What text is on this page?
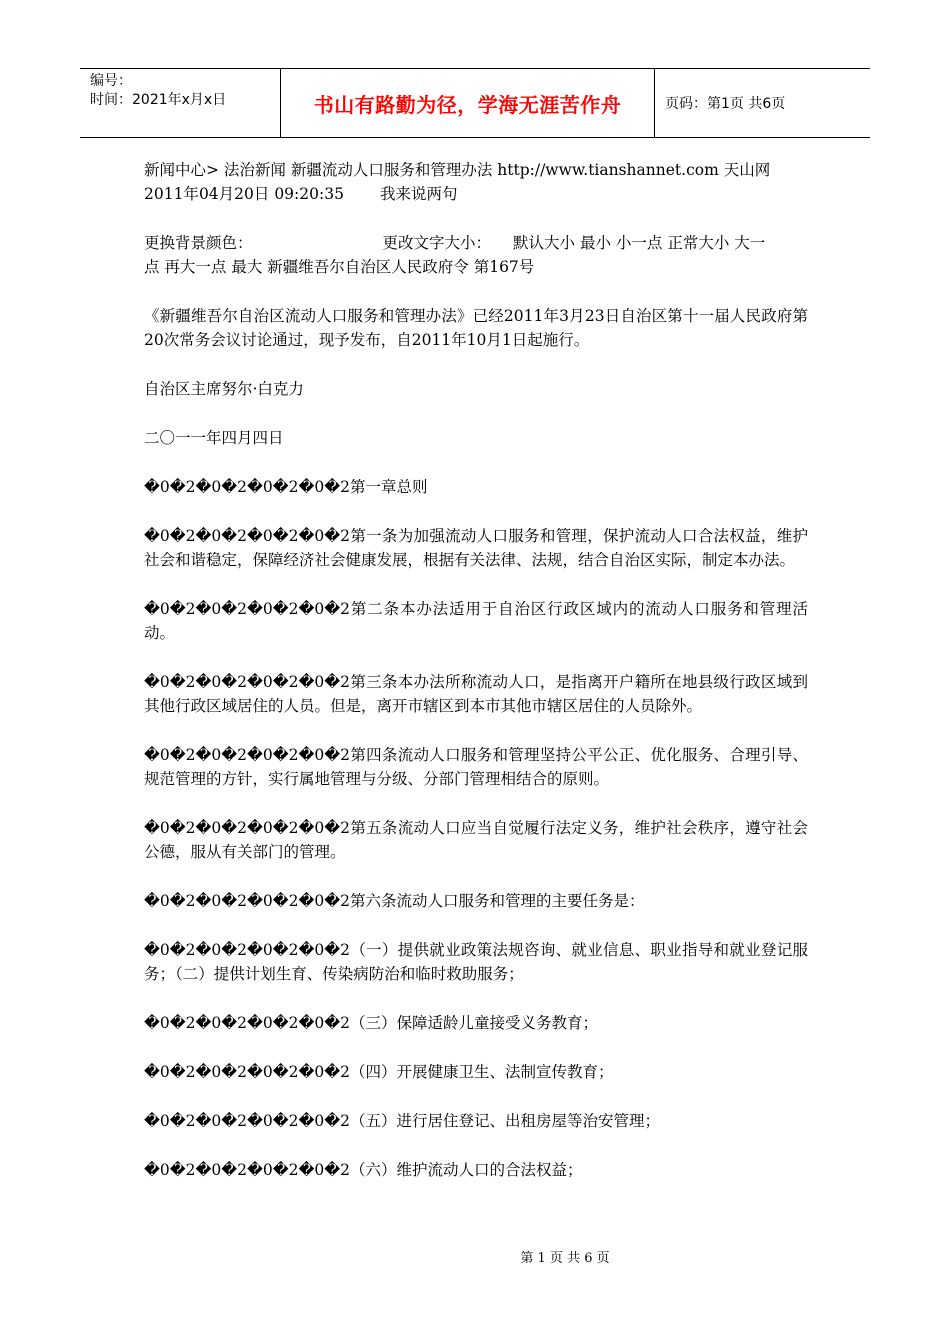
编号：
时间：2021年x月x日	书山有路勤为径，学海无涯苦作舟	页码：第1页 共6页

新闻中心> 法治新闻 新疆流动人口服务和管理办法 http://www.tianshannet.com 天山网
2011年04月20日 09:20:35 我来说两句

更换背景颜色：	更改文字大小： 默认大小 最小 小一点 正常大小 大一
点 再大一点 最大 新疆维吾尔自治区人民政府令 第167号

《新疆维吾尔自治区流动人口服务和管理办法》已经2011年3月23日自治区第十一届人民政府第20次常务会议讨论通过，现予发布，自2011年10月1日起施行。

自治区主席努尔·白克力

二〇一一年四月四日

�0�2�0�2�0�2�0�2第一章总则

�0�2�0�2�0�2�0�2第一条为加强流动人口服务和管理，保护流动人口合法权益，维护社会和谐稳定，保障经济社会健康发展，根据有关法律、法规，结合自治区实际，制定本办法。

�0�2�0�2�0�2�0�2第二条本办法适用于自治区行政区域内的流动人口服务和管理活动。

�0�2�0�2�0�2�0�2第三条本办法所称流动人口，是指离开户籍所在地县级行政区域到其他行政区域居住的人员。但是，离开市辖区到本市其他市辖区居住的人员除外。

�0�2�0�2�0�2�0�2第四条流动人口服务和管理坚持公平公正、优化服务、合理引导、规范管理的方针，实行属地管理与分级、分部门管理相结合的原则。

�0�2�0�2�0�2�0�2第五条流动人口应当自觉履行法定义务，维护社会秩序，遵守社会公德，服从有关部门的管理。

�0�2�0�2�0�2�0�2第六条流动人口服务和管理的主要任务是：

�0�2�0�2�0�2�0�2（一）提供就业政策法规咨询、就业信息、职业指导和就业登记服务；（二）提供计划生育、传染病防治和临时救助服务；

�0�2�0�2�0�2�0�2（三）保障适龄儿童接受义务教育；

�0�2�0�2�0�2�0�2（四）开展健康卫生、法制宣传教育；

�0�2�0�2�0�2�0�2（五）进行居住登记、出租房屋等治安管理；

�0�2�0�2�0�2�0�2（六）维护流动人口的合法权益；

第 1 页 共 6 页
